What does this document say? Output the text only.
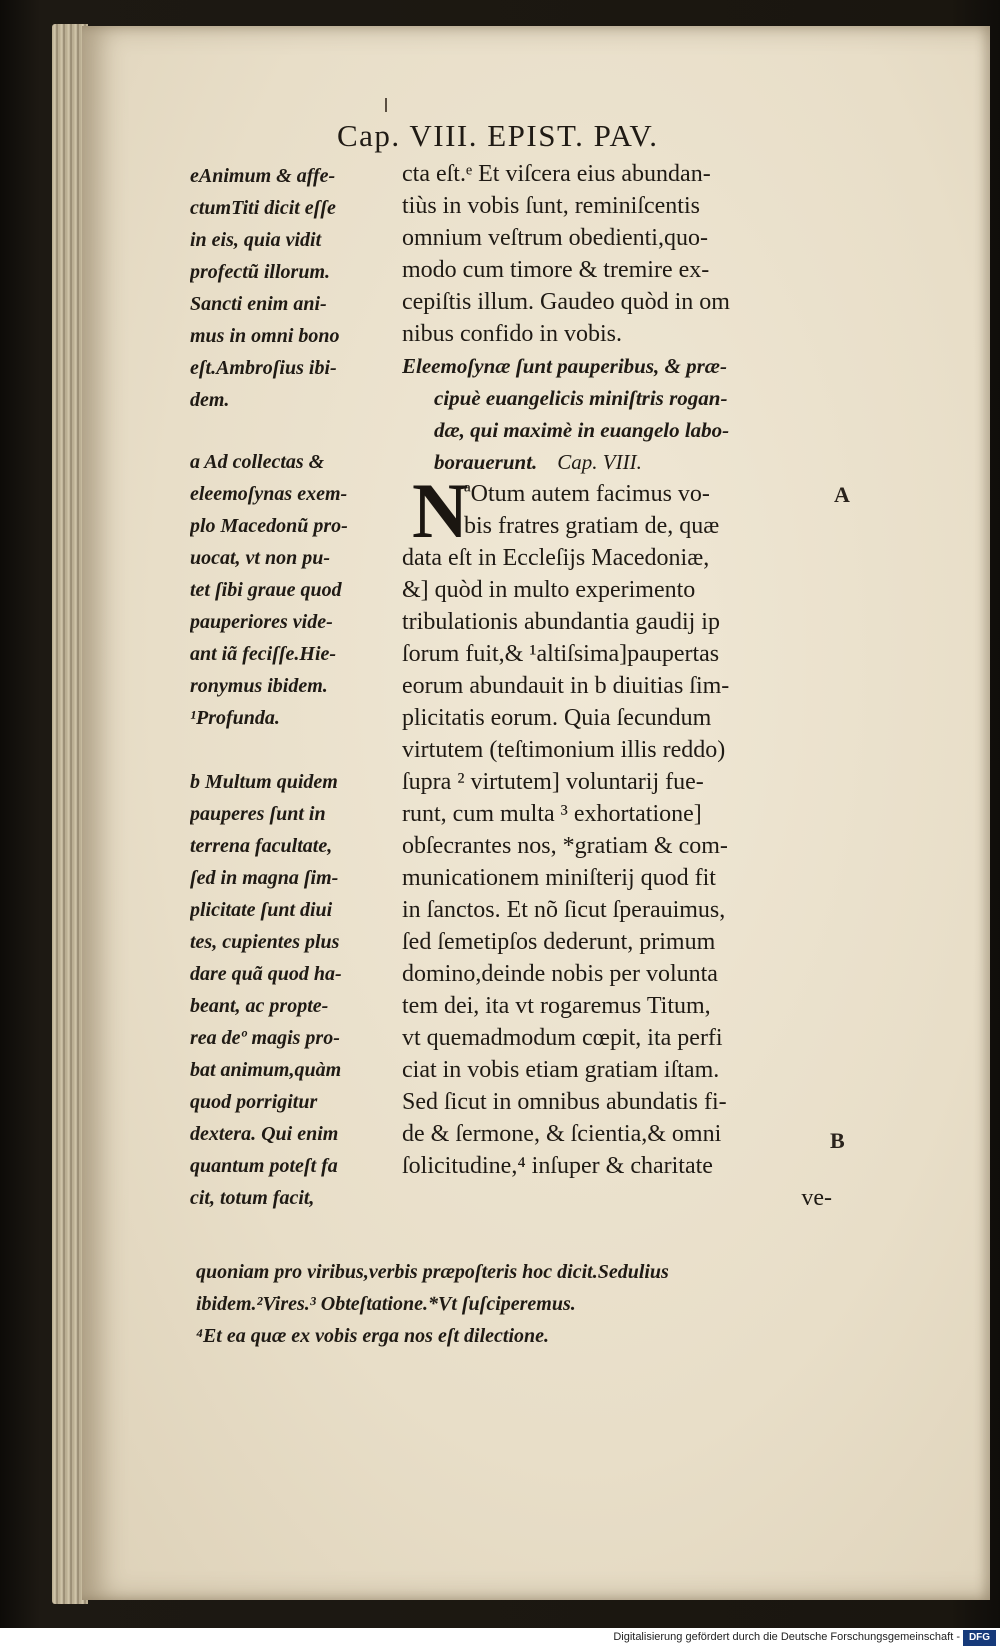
Cap. VIII. EPIST. PAV.
eAnimum & affe-
ctumTiti dicit eſſe
in eis, quia vidit
profectũ illorum.
Sancti enim ani-
mus in omni bono
eſt.Ambroſius ibi-
dem.
a Ad collectas &
eleemoſynas exem-
plo Macedonũ pro-
uocat, vt non pu-
tet ſibi graue quod
pauperiores vide-
ant iã feciſſe.Hie-
ronymus ibidem.
¹Profunda.
b Multum quidem
pauperes ſunt in
terrena facultate,
ſed in magna ſim-
plicitate ſunt diui
tes, cupientes plus
dare quã quod ha-
beant, ac propte-
rea deº magis pro-
bat animum,quàm
quod porrigitur
dextera. Qui enim
quantum poteſt fa
cit, totum facit,
cta eſt.ᵉ Et viſcera eius abundan-
tiùs in vobis ſunt, reminiſcentis
omnium veſtrum obedienti,quo-
modo cum timore & tremire ex-
cepiſtis illum. Gaudeo quòd in om
nibus confido in vobis.
Eleemoſynæ ſunt pauperibus, & præ-
cipuè euangelicis miniſtris rogan-
dæ, qui maximè in euangelo labo-
borauerunt. Cap. VIII.
N
ªOtum autem facimus vo-
bis fratres gratiam de, quæ
data eſt in Eccleſijs Macedoniæ,
&] quòd in multo experimento
tribulationis abundantia gaudij ip
ſorum fuit,& ¹altiſsima]paupertas
eorum abundauit in b diuitias ſim-
plicitatis eorum. Quia ſecundum
virtutem (teſtimonium illis reddo)
ſupra ² virtutem] voluntarij fue-
runt, cum multa ³ exhortatione]
obſecrantes nos, *gratiam & com-
municationem miniſterij quod fit
in ſanctos. Et nõ ſicut ſperauimus,
ſed ſemetipſos dederunt, primum
domino,deinde nobis per volunta
tem dei, ita vt rogaremus Titum,
vt quemadmodum cœpit, ita perfi
ciat in vobis etiam gratiam iſtam.
Sed ſicut in omnibus abundatis fi-
de & ſermone, & ſcientia,& omni
ſolicitudine,⁴ inſuper & charitate
ve-
A
B
quoniam pro viribus,verbis præpoſteris hoc dicit.Sedulius
ibidem.²Vires.³ Obteſtatione.*Vt ſuſciperemus.
⁴Et ea quæ ex vobis erga nos eſt dilectione.
Digitalisierung gefördert durch die Deutsche Forschungsgemeinschaft - DFG
